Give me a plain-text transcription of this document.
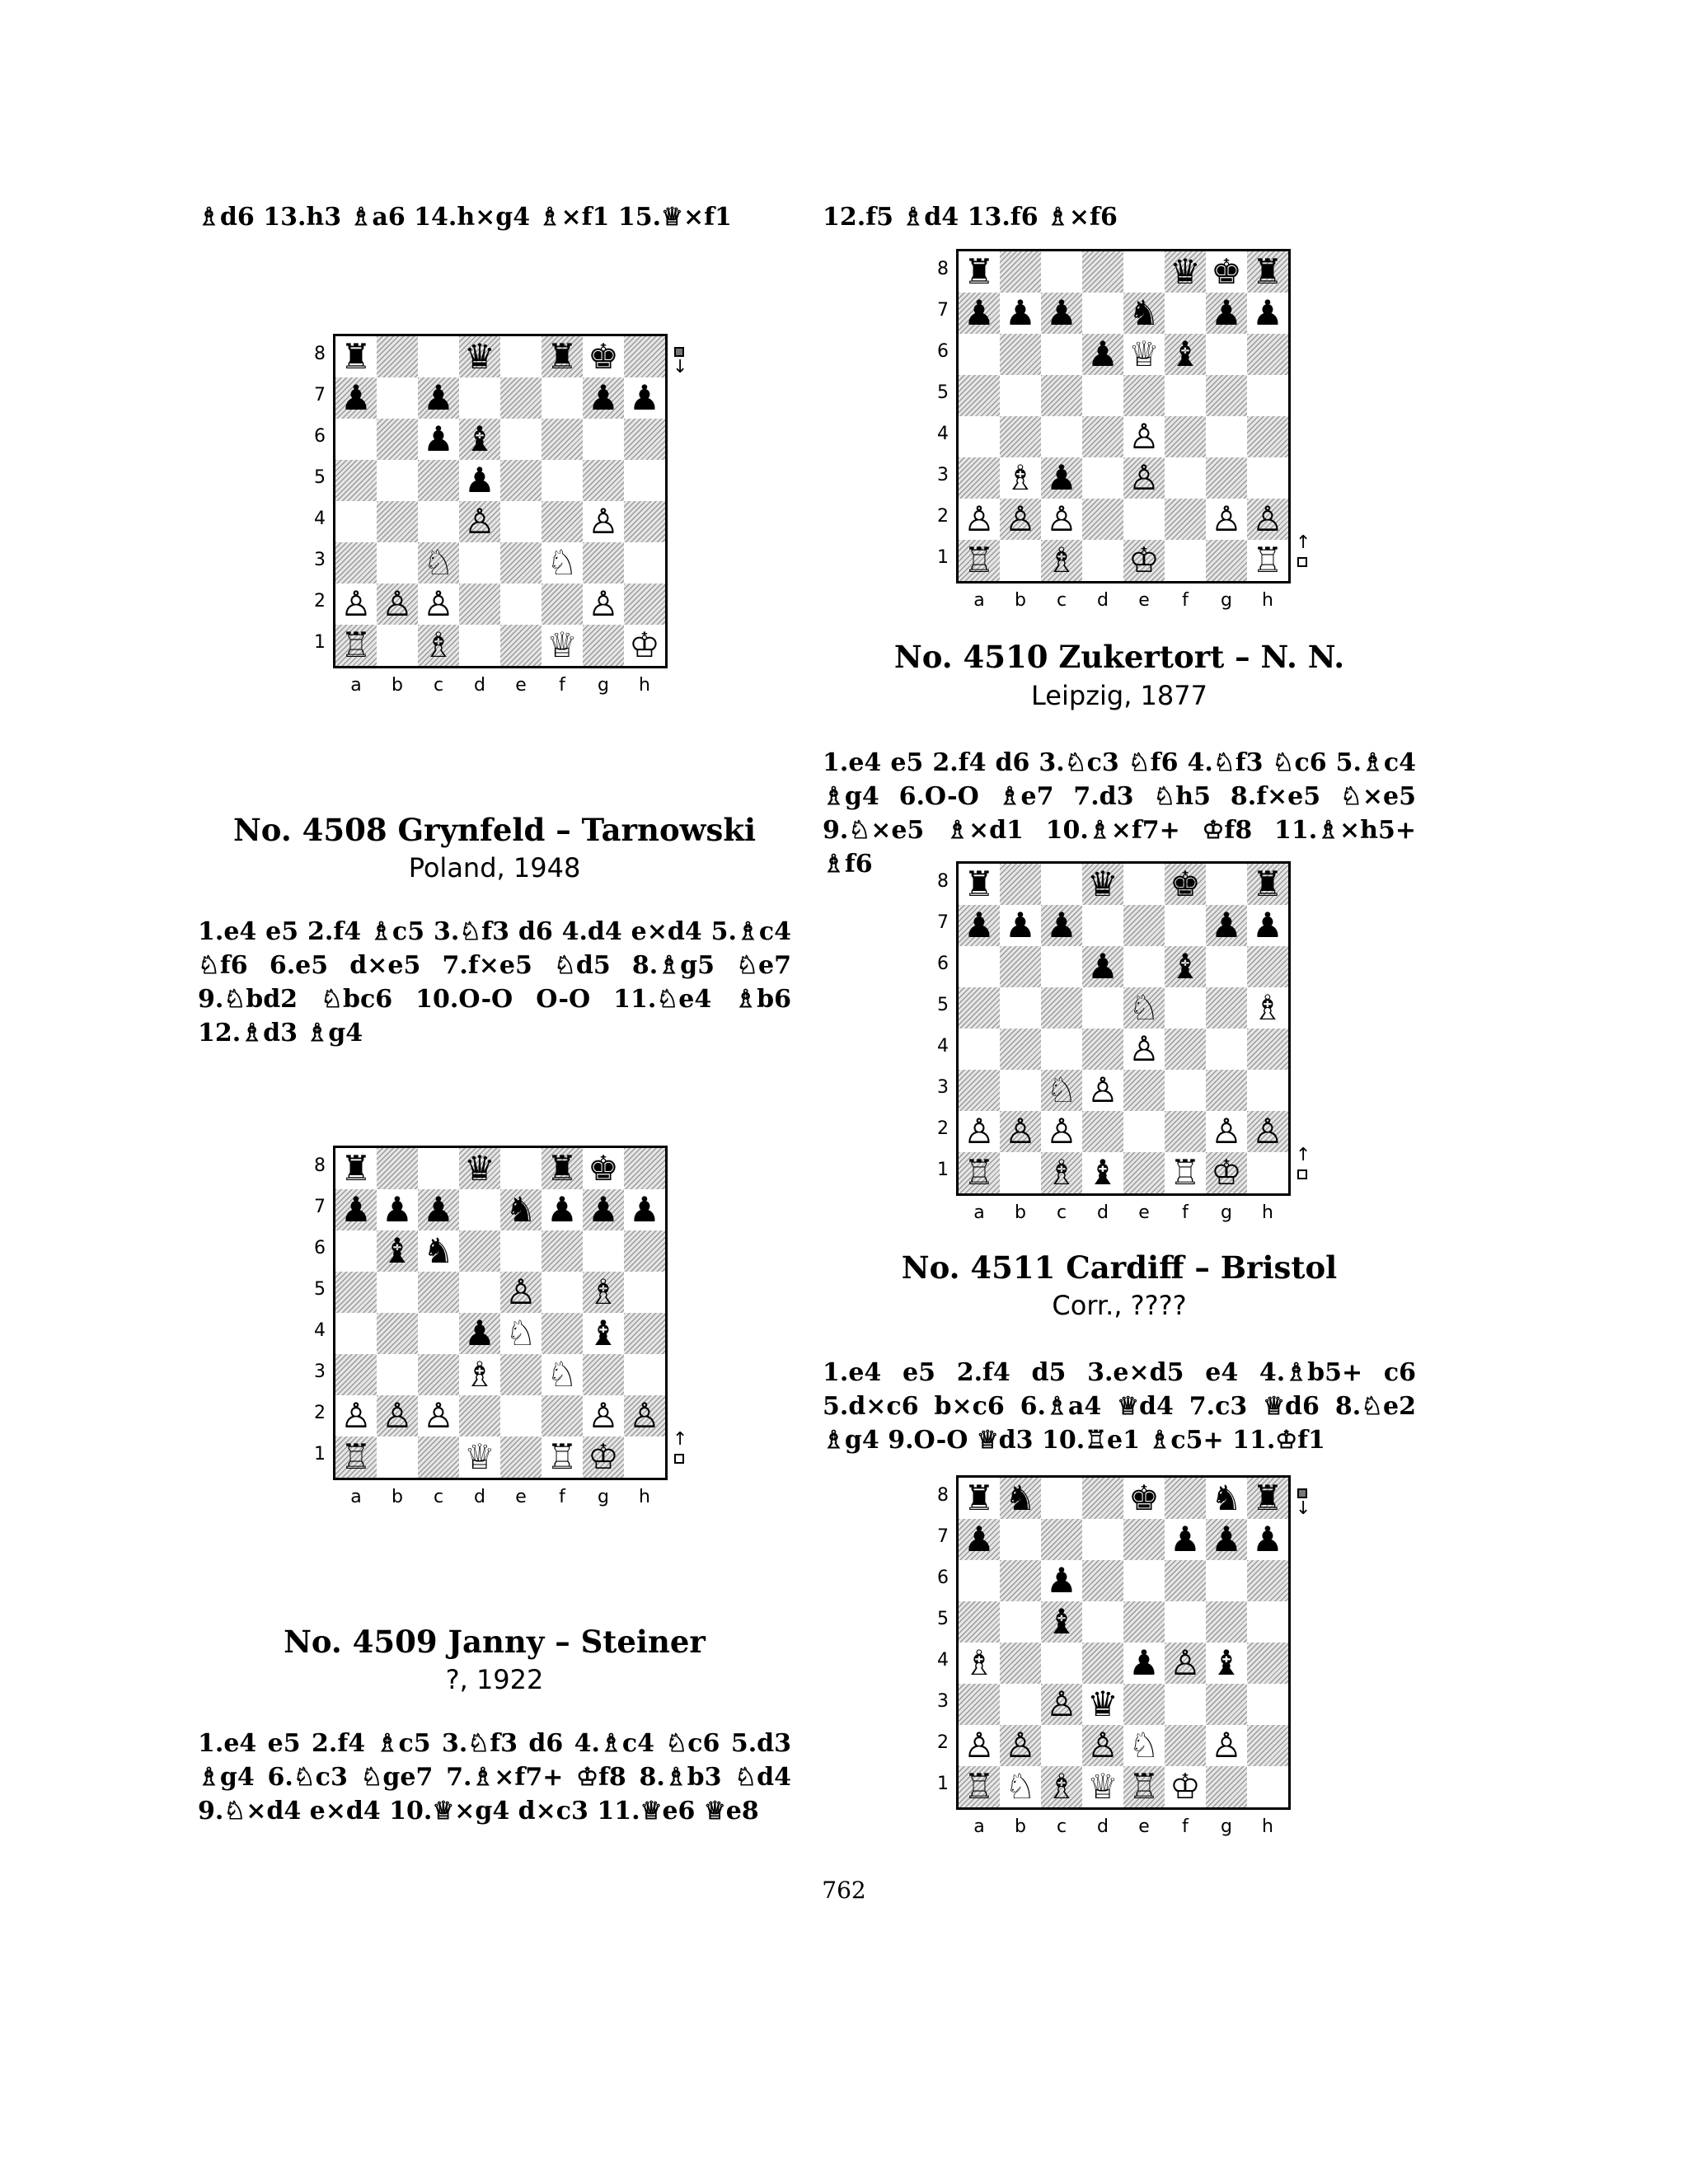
♗d6 13.h3 ♗a6 14.h×g4 ♗×f1 15.♕×f1	12.f5 ♗d4 13.f6 ♗×f6
No. 4508 Grynfeld – Tarnowski
Poland, 1948
1.e4 e5 2.f4 ♗c5 3.♘f3 d6 4.d4 e×d4 5.♗c4 ♘f6 6.e5 d×e5 7.f×e5 ♘d5 8.♗g5 ♘e7 9.♘bd2 ♘bc6 10.O-O O-O 11.♘e4 ♗b6 12.♗d3 ♗g4
No. 4509 Janny – Steiner
?, 1922
1.e4 e5 2.f4 ♗c5 3.♘f3 d6 4.♗c4 ♘c6 5.d3 ♗g4 6.♘c3 ♘ge7 7.♗×f7+ ♔f8 8.♗b3 ♘d4 9.♘×d4 e×d4 10.♕×g4 d×c3 11.♕e6 ♕e8
No. 4510 Zukertort – N. N.
Leipzig, 1877
1.e4 e5 2.f4 d6 3.♘c3 ♘f6 4.♘f3 ♘c6 5.♗c4 ♗g4 6.O-O ♗e7 7.d3 ♘h5 8.f×e5 ♘×e5 9.♘×e5 ♗×d1 10.♗×f7+ ♔f8 11.♗×h5+ ♗f6
No. 4511 Cardiff – Bristol
Corr., ????
1.e4 e5 2.f4 d5 3.e×d5 e4 4.♗b5+ c6 5.d×c6 b×c6 6.♗a4 ♕d4 7.c3 ♕d6 8.♘e2 ♗g4 9.O-O ♕d3 10.♖e1 ♗c5+ 11.♔f1
♜	♛ ♜ ♚
♟ ♟	♟ ♟
♟ ♝
♟
♙	♙
♘	♘
♙ ♙ ♙	♙
♖ ♗	♕ ♔
8
7
6
5
4
3
2
1
a	b	c	d	e	f	g	h
↓
♜	♛ ♜ ♚
♟ ♟ ♟ ♞ ♟ ♟ ♟
♝ ♞
♙ ♗
♟ ♘ ♝
♗ ♘
♙ ♙ ♙	♙ ♙
♖	♕ ♖ ♔
8
7
6
5
4
3
2
1
a	b	c	d	e	f	g	h
↑
♜	♛ ♚ ♜
♟ ♟ ♟ ♞ ♟ ♟
♟ ♕ ♝
♙
♗ ♟ ♙
♙ ♙ ♙	♙ ♙
♖ ♗ ♔	♖
8
7
6
5
4
3
2
1
a	b	c	d	e	f	g	h
↑
♜	♛ ♚ ♜
♟ ♟ ♟	♟ ♟
♟ ♝
♘	♗
♙
♘ ♙
♙ ♙ ♙	♙ ♙
♖ ♗ ♝ ♖ ♔
8
7
6
5
4
3
2
1
a	b	c	d	e	f	g	h
↑
♜ ♞	♚ ♞ ♜
♟	♟ ♟ ♟
♟
♝
♗	♟ ♙ ♝
♙ ♛
♙ ♙ ♙ ♘ ♙
♖ ♘ ♗ ♕ ♖ ♔
8
7
6
5
4
3
2
1
a	b	c	d	e	f	g	h
↓
762
